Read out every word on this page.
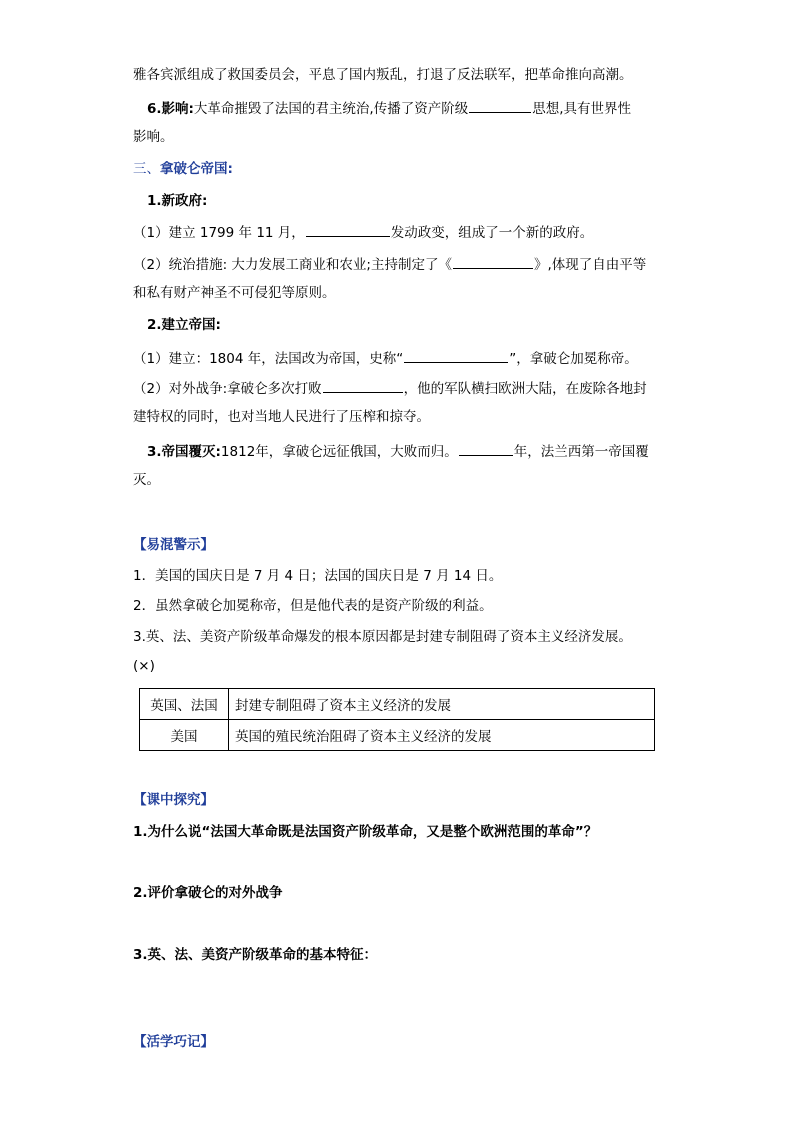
雅各宾派组成了救国委员会，平息了国内叛乱，打退了反法联军，把革命推向高潮。
6.影响:大革命摧毁了法国的君主统治,传播了资产阶级	思想,具有世界性
影响。
三、拿破仑帝国:
1.新政府:
（1）建立 1799 年 11 月，	发动政变，组成了一个新的政府。
（2）统治措施: 大力发展工商业和农业;主持制定了《	》,体现了自由平等
和私有财产神圣不可侵犯等原则。
2.建立帝国:
（1）建立：1804 年，法国改为帝国，史称“	”，拿破仑加冕称帝。
（2）对外战争:拿破仑多次打败	，他的军队横扫欧洲大陆，在废除各地封
建特权的同时，也对当地人民进行了压榨和掠夺。
3.帝国覆灭:1812年，拿破仑远征俄国，大败而归。	年，法兰西第一帝国覆
灭。
【易混警示】
1．美国的国庆日是 7 月 4 日；法国的国庆日是 7 月 14 日。
2．虽然拿破仑加冕称帝，但是他代表的是资产阶级的利益。
3.英、法、美资产阶级革命爆发的根本原因都是封建专制阻碍了资本主义经济发展。
(×)
英国、法国	封建专制阻碍了资本主义经济的发展
美国	英国的殖民统治阻碍了资本主义经济的发展
【课中探究】
1.为什么说“法国大革命既是法国资产阶级革命，又是整个欧洲范围的革命”？
2.评价拿破仑的对外战争
3.英、法、美资产阶级革命的基本特征：
【活学巧记】
